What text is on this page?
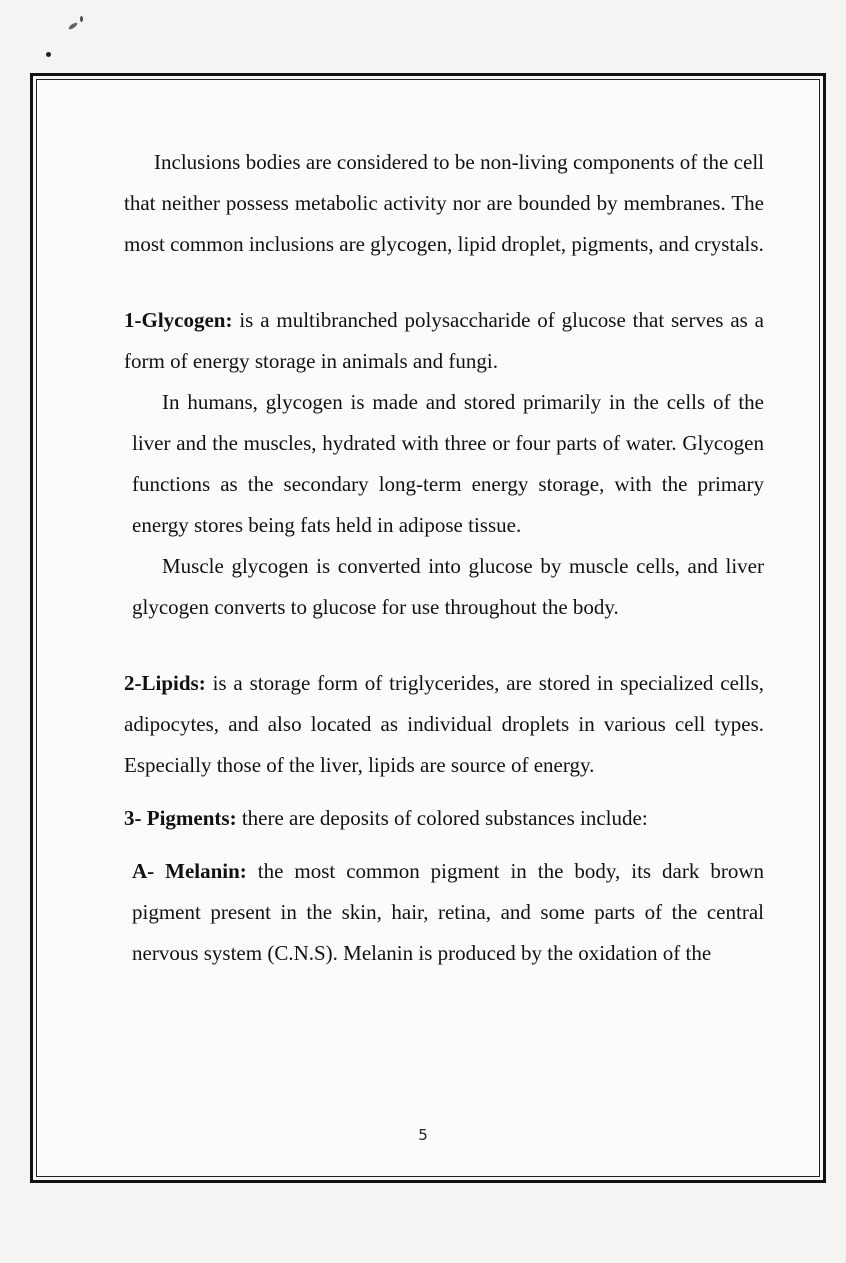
Inclusions bodies are considered to be non-living components of the cell that neither possess metabolic activity nor are bounded by membranes. The most common inclusions are glycogen, lipid droplet, pigments, and crystals.

1-Glycogen: is a multibranched polysaccharide of glucose that serves as a form of energy storage in animals and fungi.

In humans, glycogen is made and stored primarily in the cells of the liver and the muscles, hydrated with three or four parts of water. Glycogen functions as the secondary long-term energy storage, with the primary energy stores being fats held in adipose tissue.

Muscle glycogen is converted into glucose by muscle cells, and liver glycogen converts to glucose for use throughout the body.

2-Lipids: is a storage form of triglycerides, are stored in specialized cells, adipocytes, and also located as individual droplets in various cell types. Especially those of the liver, lipids are source of energy.

3- Pigments: there are deposits of colored substances include:

A- Melanin: the most common pigment in the body, its dark brown pigment present in the skin, hair, retina, and some parts of the central nervous system (C.N.S). Melanin is produced by the oxidation of the

5
